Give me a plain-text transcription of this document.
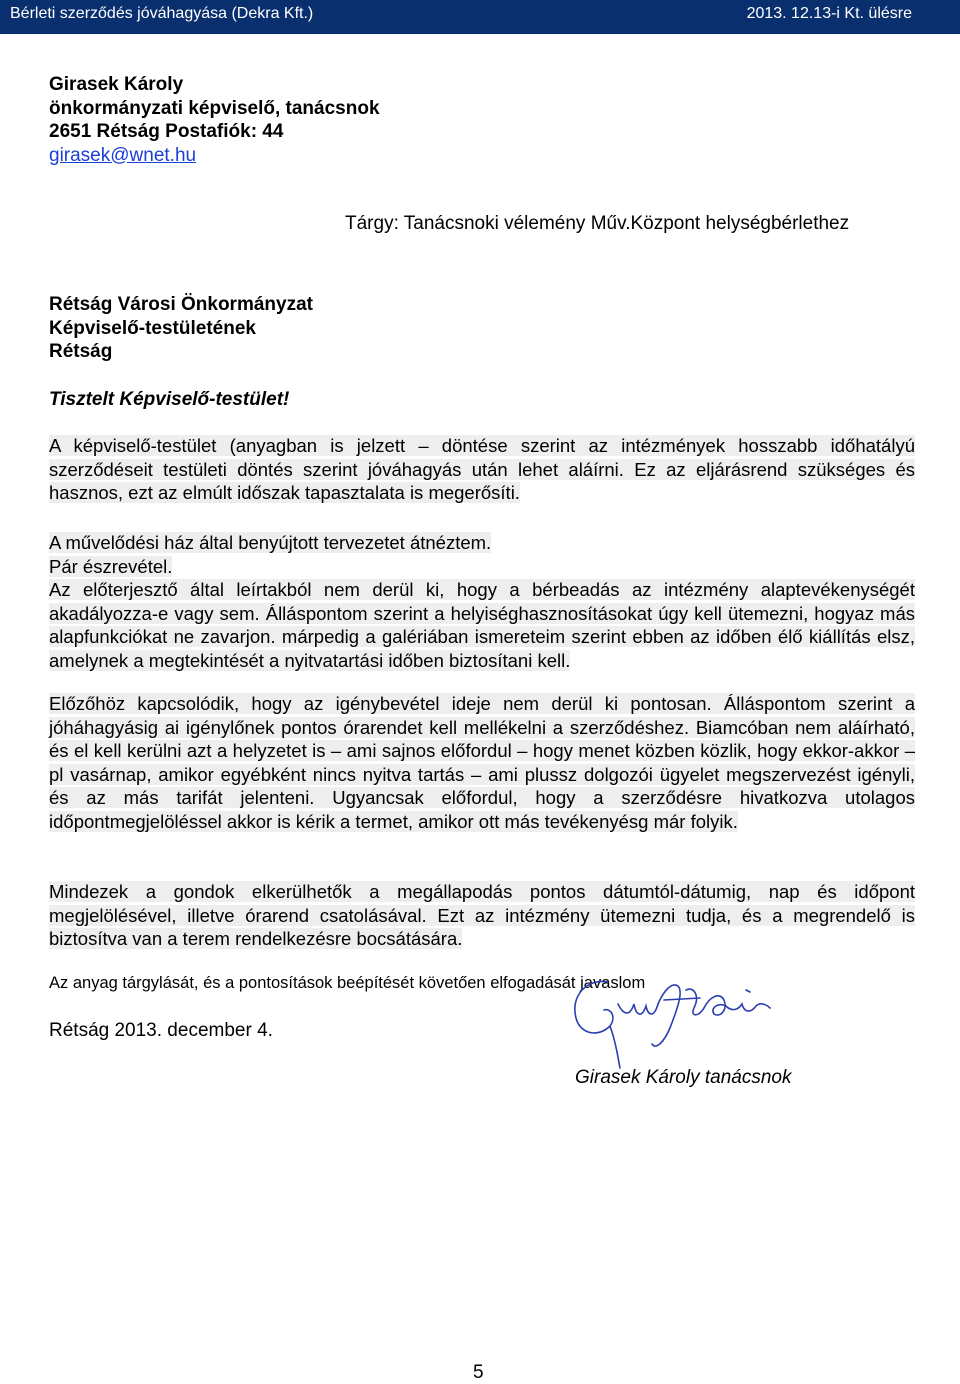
Bérleti szerződés jóváhagyása (Dekra Kft.)	2013. 12.13-i Kt. ülésre
Girasek Károly
önkormányzati képviselő, tanácsnok
2651 Rétság Postafiók: 44
girasek@wnet.hu
Tárgy: Tanácsnoki vélemény Műv.Központ helységbérlethez
Rétság Városi Önkormányzat
Képviselő-testületének
Rétság
Tisztelt Képviselő-testület!

A képviselő-testület (anyagban is jelzett – döntése szerint az intézmények hosszabb időhatályú szerződéseit testületi döntés szerint jóváhagyás után lehet aláírni. Ez az eljárásrend szükséges és hasznos, ezt az elmúlt időszak tapasztalata is megerősíti.

A művelődési ház által benyújtott tervezetet átnéztem.

Pár észrevétel.

Az előterjesztő által leírtakból nem derül ki, hogy a bérbeadás az intézmény alaptevékenységét akadályozza-e vagy sem. Álláspontom szerint a helyiséghasznosításokat úgy kell ütemezni, hogyaz más alapfunkciókat ne zavarjon. márpedig a galériában ismereteim szerint ebben az időben élő kiállítás elsz, amelynek a megtekintését a nyitvatartási időben biztosítani kell.

Előzőhöz kapcsolódik, hogy az igénybevétel ideje nem derül ki pontosan. Álláspontom szerint a jóháhagyásig ai igénylőnek pontos órarendet kell mellékelni a szerződéshez. Biamcóban nem aláírható, és el kell kerülni azt a helyzetet is – ami sajnos előfordul – hogy menet közben közlik, hogy ekkor-akkor – pl vasárnap, amikor egyébként nincs nyitva tartás – ami plussz dolgozói ügyelet megszervezést igényli, és az más tarifát jelenteni. Ugyancsak előfordul, hogy a szerződésre hivatkozva utolagos időpontmegjelöléssel akkor is kérik a termet, amikor ott más tevékenyésg már folyik.

Mindezek a gondok elkerülhetők a megállapodás pontos dátumtól-dátumig, nap és időpont megjelölésével, illetve órarend csatolásával. Ezt az intézmény ütemezni tudja, és a megrendelő is biztosítva van a terem rendelkezésre bocsátására.

Az anyag tárgylását, és a pontosítások beépítését követően elfogadását javaslom
Rétság 2013. december 4.
Girasek Károly tanácsnok
5
